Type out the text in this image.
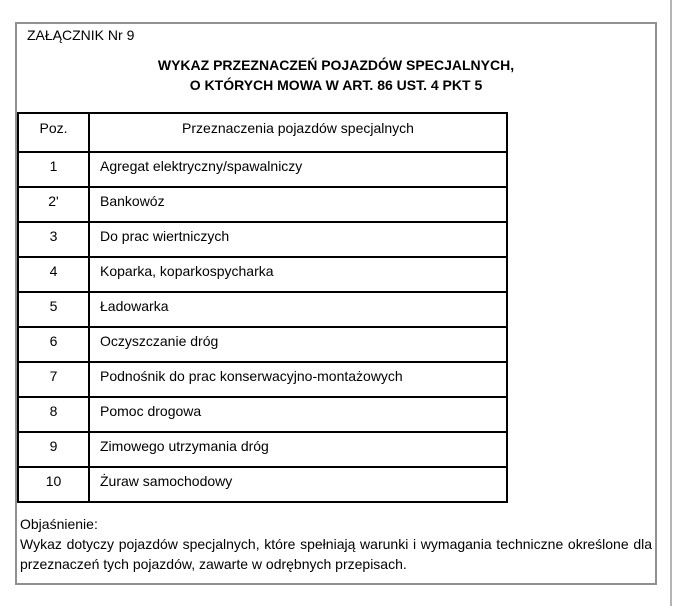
ZAŁĄCZNIK Nr 9
WYKAZ PRZEZNACZEŃ POJAZDÓW SPECJALNYCH,
O KTÓRYCH MOWA W ART. 86 UST. 4 PKT 5
Poz.	Przeznaczenia pojazdów specjalnych
1	Agregat elektryczny/spawalniczy
2'	Bankowóz
3	Do prac wiertniczych
4	Koparka, koparkospycharka
5	Ładowarka
6	Oczyszczanie dróg
7	Podnośnik do prac konserwacyjno-montażowych
8	Pomoc drogowa
9	Zimowego utrzymania dróg
10	Żuraw samochodowy
Objaśnienie:
Wykaz dotyczy pojazdów specjalnych, które spełniają warunki i wymagania techniczne określone dla przeznaczeń tych pojazdów, zawarte w odrębnych przepisach.
